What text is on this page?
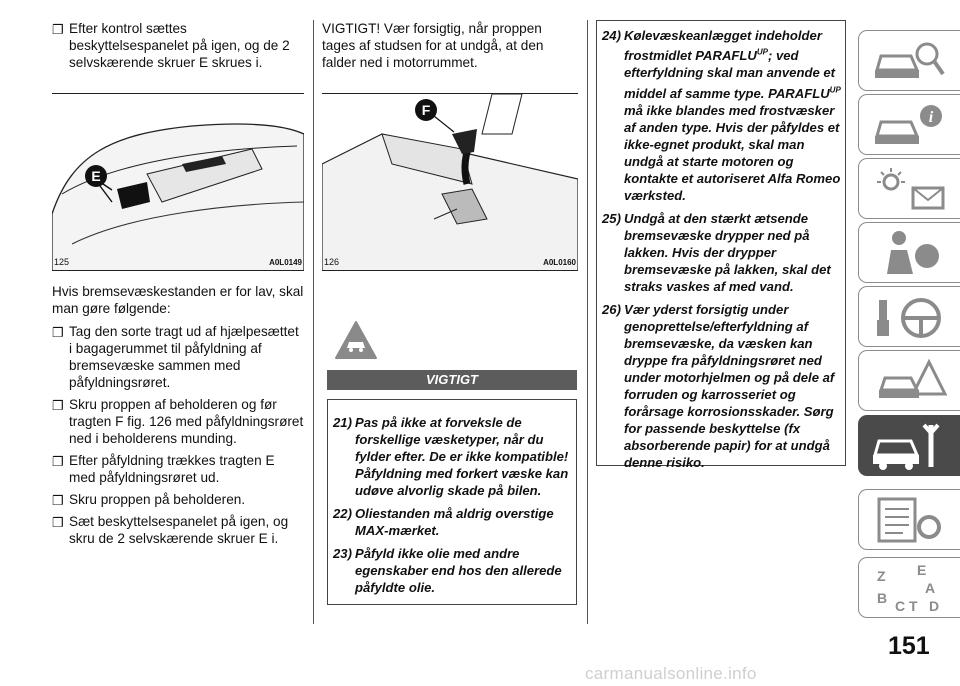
❒ Efter kontrol sættes beskyttelsespanelet på igen, og de 2 selvskærende skruer E skrues i.
E
125	A0L0149

Hvis bremsevæskestanden er for lav, skal man gøre følgende:

❒ Tag den sorte tragt ud af hjælpesættet i bagagerummet til påfyldning af bremsevæske sammen med påfyldningsrøret.
❒ Skru proppen af beholderen og før tragten F fig. 126 med påfyldningsrøret ned i beholderens munding.
❒ Efter påfyldning trækkes tragten E med påfyldningsrøret ud.
❒ Skru proppen på beholderen.
❒ Sæt beskyttelsespanelet på igen, og skru de 2 selvskærende skruer E i.

VIGTIGT! Vær forsigtig, når proppen tages af studsen for at undgå, at den falder ned i motorrummet.

F
126	A0L0160
VIGTIGT
21) Pas på ikke at forveksle de forskellige væsketyper, når du fylder efter. De er ikke kompatible! Påfyldning med forkert væske kan udøve alvorlig skade på bilen.
22) Oliestanden må aldrig overstige MAX-mærket.
23) Påfyld ikke olie med andre egenskaber end hos den allerede påfyldte olie.
24) Kølevæskeanlægget indeholder frostmidlet $PARAFLU^{UP}$; ved efterfyldning skal man anvende et middel af samme type. $PARAFLU^{UP}$ må ikke blandes med frostvæsker af anden type. Hvis der påfyldes et ikke-egnet produkt, skal man undgå at starte motoren og kontakte et autoriseret Alfa Romeo værksted.
25) Undgå at den stærkt ætsende bremsevæske drypper ned på lakken. Hvis der drypper bremsevæske på lakken, skal det straks vaskes af med vand.
26) Vær yderst forsigtig under genoprettelse/efterfyldning af bremsevæske, da væsken kan dryppe fra påfyldningsrøret ned under motorhjelmen og på dele af forruden og karrosseriet og forårsage korrosionsskader. Sørg for passende beskyttelse (fx absorberende papir) for at undgå denne risiko.
i
Z E
A
B C T D
151
carmanualsonline.info
